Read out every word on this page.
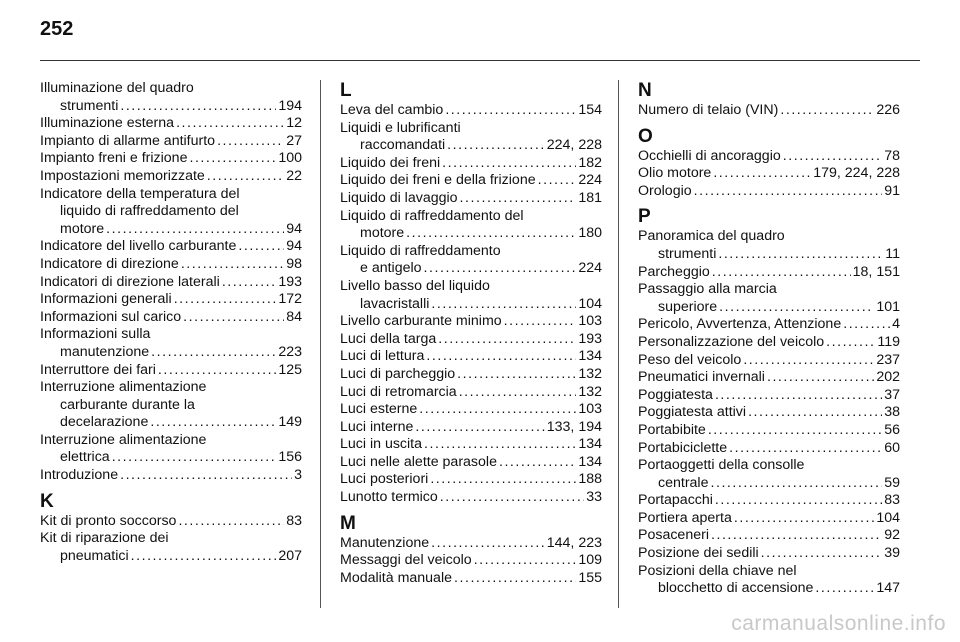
252
Illuminazione del quadro
strumenti . . .	194
Illuminazione esterna . . .	12
Impianto di allarme antifurto . . .	27
Impianto freni e frizione . . .	100
Impostazioni memorizzate . . .	22
Indicatore della temperatura del
liquido di raffreddamento del
motore . . .	94
Indicatore del livello carburante . . .	94
Indicatore di direzione . . .	98
Indicatori di direzione laterali . . .	193
Informazioni generali . . .	172
Informazioni sul carico . . .	84
Informazioni sulla
manutenzione . . .	223
Interruttore dei fari . . .	125
Interruzione alimentazione
carburante durante la
decelarazione . . .	149
Interruzione alimentazione
elettrica . . .	156
Introduzione . . .	3
K
Kit di pronto soccorso . . .	83
Kit di riparazione dei
pneumatici . . .	207
L
Leva del cambio . . .	154
Liquidi e lubrificanti
raccomandati . . .	224, 228
Liquido dei freni . . .	182
Liquido dei freni e della frizione . . .	224
Liquido di lavaggio . . .	181
Liquido di raffreddamento del
motore . . .	180
Liquido di raffreddamento
e antigelo . . .	224
Livello basso del liquido
lavacristalli . . .	104
Livello carburante minimo . . .	103
Luci della targa . . .	193
Luci di lettura . . .	134
Luci di parcheggio . . .	132
Luci di retromarcia . . .	132
Luci esterne . . .	103
Luci interne . . .	133, 194
Luci in uscita . . .	134
Luci nelle alette parasole . . .	134
Luci posteriori . . .	188
Lunotto termico . . .	33
M
Manutenzione . . .	144, 223
Messaggi del veicolo . . .	109
Modalità manuale . . .	155
N
Numero di telaio (VIN) . . .	226
O
Occhielli di ancoraggio . . .	78
Olio motore . . .	179, 224, 228
Orologio . . .	91
P
Panoramica del quadro
strumenti . . .	11
Parcheggio . . .	18, 151
Passaggio alla marcia
superiore . . .	101
Pericolo, Avvertenza, Attenzione . . .	4
Personalizzazione del veicolo . . .	119
Peso del veicolo . . .	237
Pneumatici invernali . . .	202
Poggiatesta . . .	37
Poggiatesta attivi . . .	38
Portabibite . . .	56
Portabiciclette . . .	60
Portaoggetti della consolle
centrale . . .	59
Portapacchi . . .	83
Portiera aperta . . .	104
Posaceneri . . .	92
Posizione dei sedili . . .	39
Posizioni della chiave nel
blocchetto di accensione . . .	147
carmanualsonline.info
